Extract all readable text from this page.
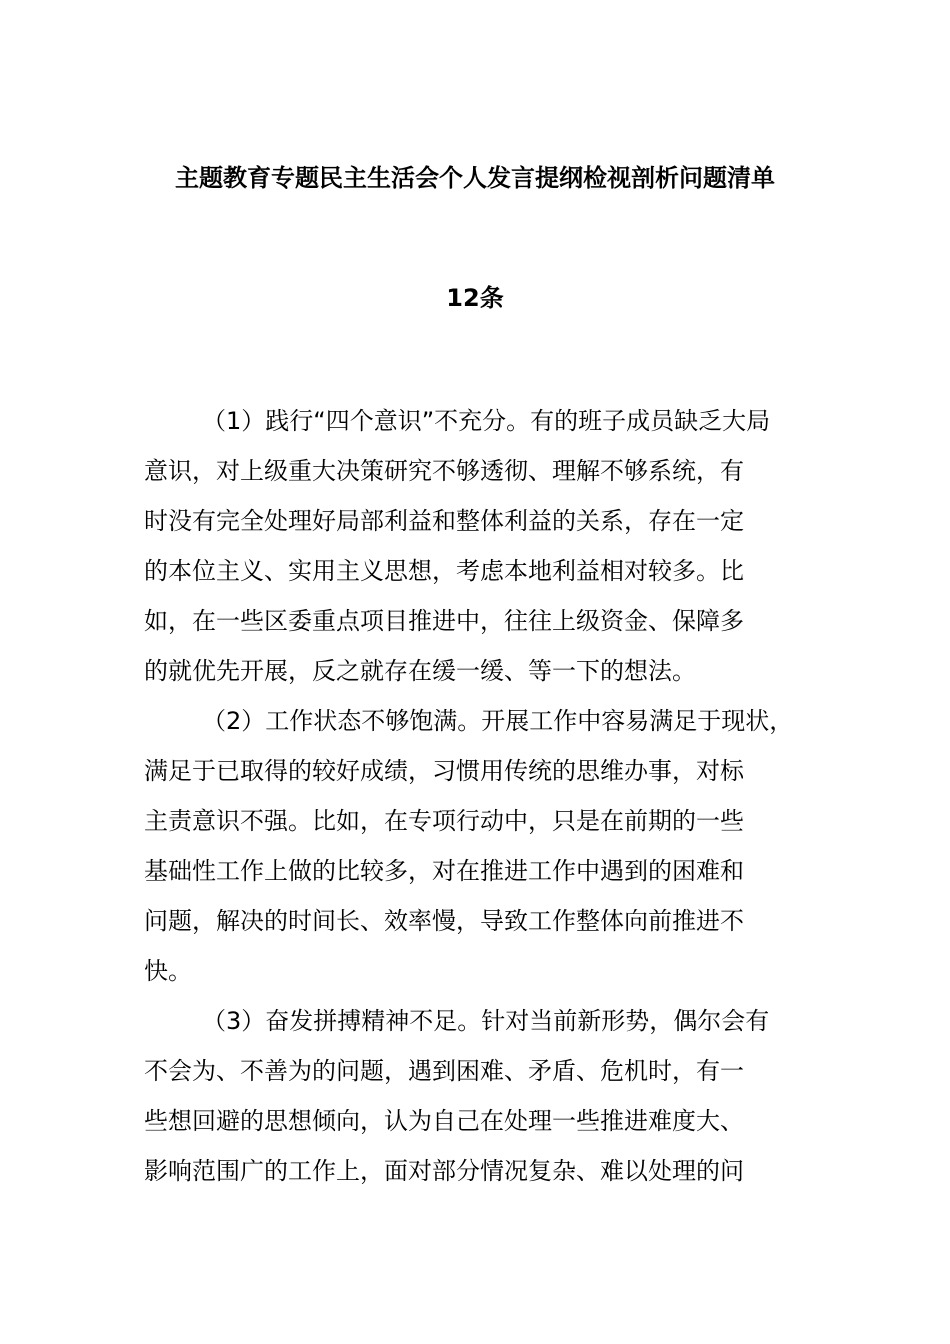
主题教育专题民主生活会个人发言提纲检视剖析问题清单
12条
（1）践行“四个意识”不充分。有的班子成员缺乏大局
意识，对上级重大决策研究不够透彻、理解不够系统，有
时没有完全处理好局部利益和整体利益的关系，存在一定
的本位主义、实用主义思想，考虑本地利益相对较多。比
如，在一些区委重点项目推进中，往往上级资金、保障多
的就优先开展，反之就存在缓一缓、等一下的想法。
（2）工作状态不够饱满。开展工作中容易满足于现状，
满足于已取得的较好成绩，习惯用传统的思维办事，对标
主责意识不强。比如，在专项行动中，只是在前期的一些
基础性工作上做的比较多，对在推进工作中遇到的困难和
问题，解决的时间长、效率慢，导致工作整体向前推进不
快。
（3）奋发拼搏精神不足。针对当前新形势，偶尔会有
不会为、不善为的问题，遇到困难、矛盾、危机时，有一
些想回避的思想倾向，认为自己在处理一些推进难度大、
影响范围广的工作上，面对部分情况复杂、难以处理的问
